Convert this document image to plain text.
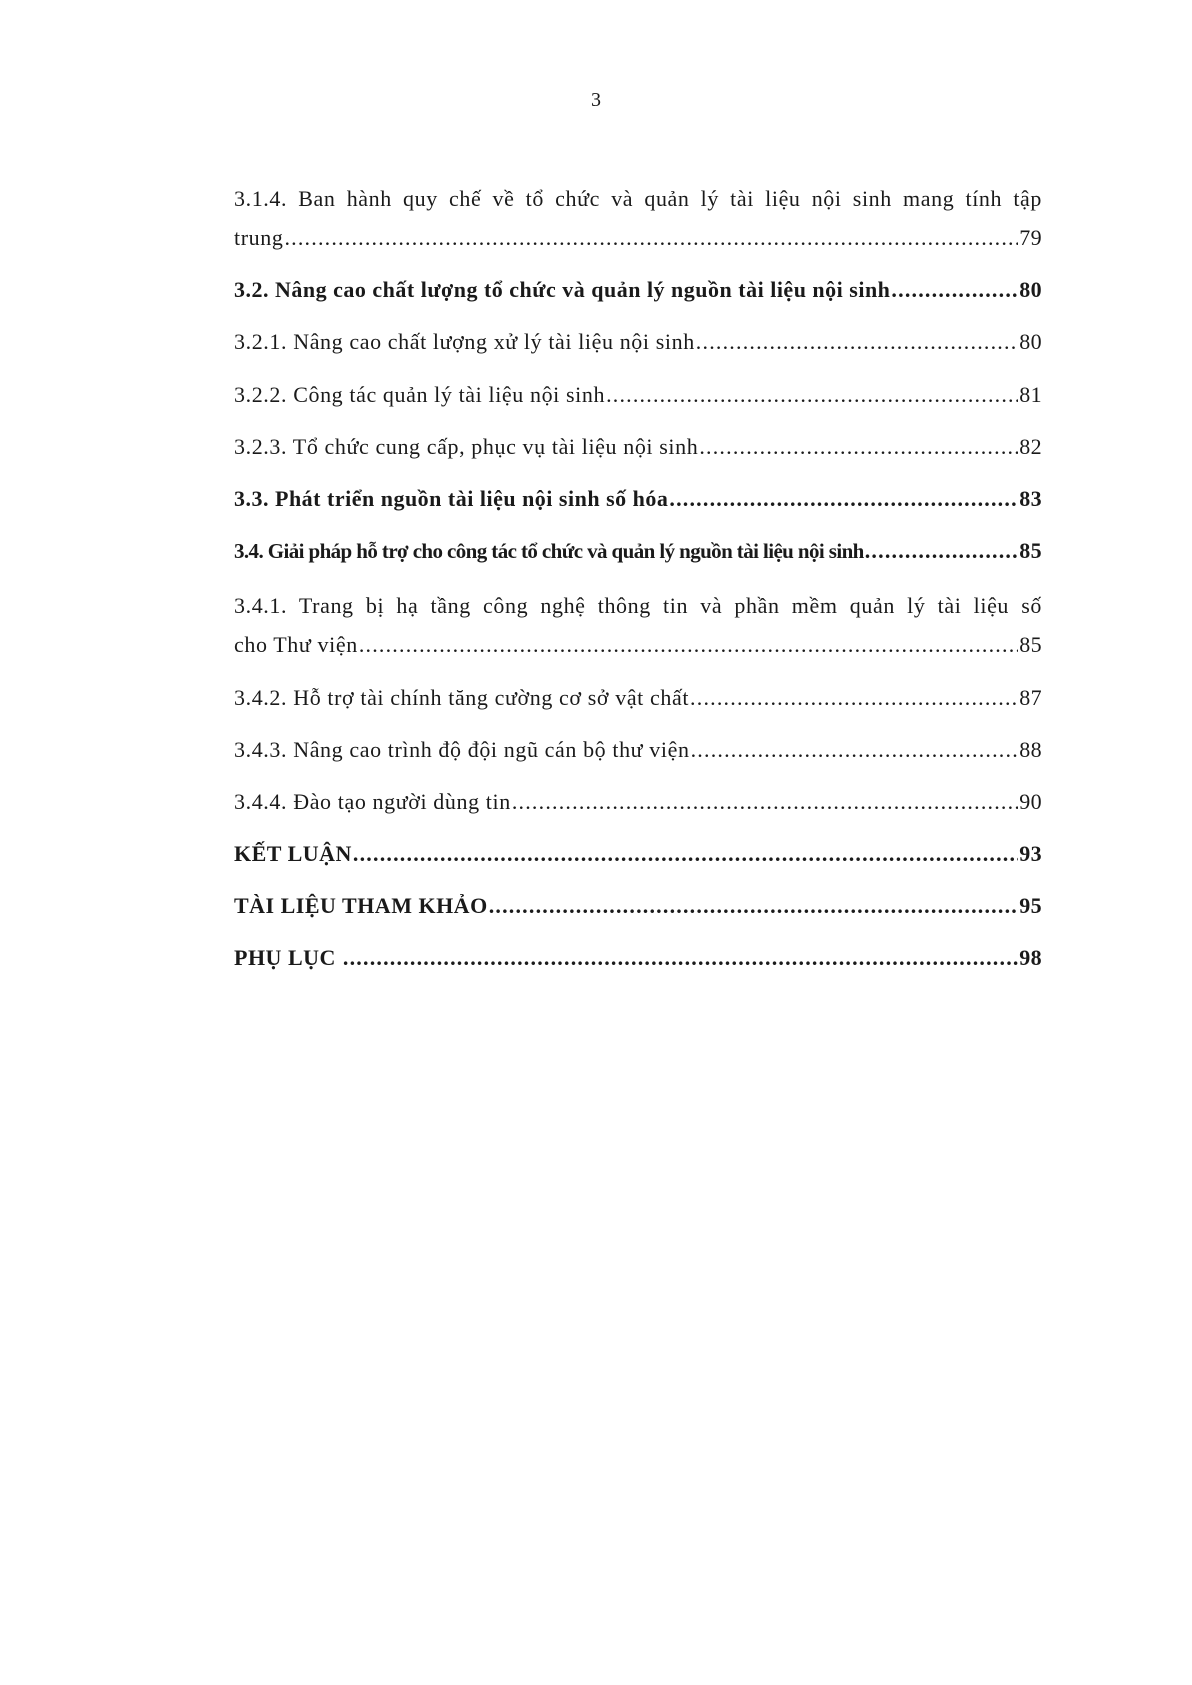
3
3.1.4. Ban hành quy chế về tổ chức và quản lý tài liệu nội sinh mang tính tập
trung .....	79
3.2. Nâng cao chất lượng tổ chức và quản lý nguồn tài liệu nội sinh .....	80
3.2.1. Nâng cao chất lượng xử lý tài liệu nội sinh .....	80
3.2.2. Công tác quản lý tài liệu nội sinh .....	81
3.2.3. Tổ chức cung cấp, phục vụ tài liệu nội sinh .....	82
3.3. Phát triển nguồn tài liệu nội sinh số hóa .....	83
3.4. Giải pháp hỗ trợ cho công tác tổ chức và quản lý nguồn tài liệu nội sinh .....	85
3.4.1. Trang bị hạ tầng công nghệ thông tin và phần mềm quản lý tài liệu số
cho Thư viện .....	85
3.4.2. Hỗ trợ tài chính tăng cường cơ sở vật chất .....	87
3.4.3. Nâng cao trình độ đội ngũ cán bộ thư viện .....	88
3.4.4. Đào tạo người dùng tin .....	90
KẾT LUẬN .....	93
TÀI LIỆU THAM KHẢO .....	95
PHỤ LỤC .....	98
